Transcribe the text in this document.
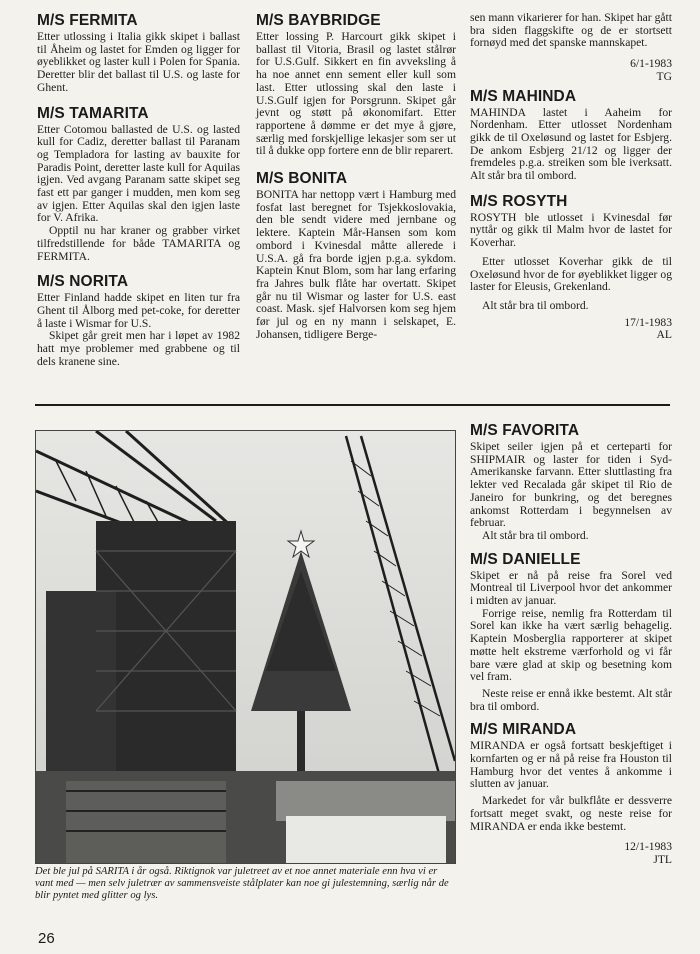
M/S FERMITA

Etter utlossing i Italia gikk skipet i ballast til Åheim og lastet for Emden og ligger for øyeblikket og laster kull i Polen for Spania. Deretter blir det ballast til U.S. og laste for Ghent.

M/S TAMARITA

Etter Cotomou ballasted de U.S. og lasted kull for Cadiz, deretter ballast til Paranam og Templadora for lasting av bauxite for Paradis Point, deretter laste kull for Aquilas igjen. Ved avgang Paranam satte skipet seg fast ett par ganger i mudden, men kom seg av igjen. Etter Aquilas skal den igjen laste for V. Afrika.

Opptil nu har kraner og grabber virket tilfredstillende for både TAMARITA og FERMITA.

M/S NORITA

Etter Finland hadde skipet en liten tur fra Ghent til Ålborg med pet-coke, for deretter å laste i Wismar for U.S.

Skipet går greit men har i løpet av 1982 hatt mye problemer med grabbene og til dels kranene sine.

M/S BAYBRIDGE

Etter lossing P. Harcourt gikk skipet i ballast til Vitoria, Brasil og lastet stålrør for U.S.Gulf. Sikkert en fin avveksling å ha noe annet enn sement eller kull som last. Etter utlossing skal den laste i U.S.Gulf igjen for Porsgrunn. Skipet går jevnt og støtt på økonomifart. Etter rapportene å dømme er det mye å gjøre, særlig med forskjellige lekasjer som ser ut til å dukke opp fortere enn de blir reparert.

M/S BONITA

BONITA har nettopp vært i Hamburg med fosfat last beregnet for Tsjekkoslovakia, den ble sendt videre med jernbane og lektere. Kaptein Mår-Hansen som kom ombord i Kvinesdal måtte allerede i U.S.A. gå fra borde igjen p.g.a. sykdom. Kaptein Knut Blom, som har lang erfaring fra Jahres bulk flåte har overtatt. Skipet går nu til Wismar og laster for U.S. east coast. Mask. sjef Halvorsen kom seg hjem før jul og en ny mann i selskapet, E. Johansen, tidligere Berge-

sen mann vikarierer for han. Skipet har gått bra siden flaggskifte og de er stortsett fornøyd med det spanske mannskapet.

6/1-1983

TG

M/S MAHINDA

MAHINDA lastet i Aaheim for Nordenham. Etter utlosset Nordenham gikk de til Oxeløsund og lastet for Esbjerg. De ankom Esbjerg 21/12 og ligger der fremdeles p.g.a. streiken som ble iverksatt. Alt står bra til ombord.

M/S ROSYTH

ROSYTH ble utlosset i Kvinesdal før nyttår og gikk til Malm hvor de lastet for Koverhar.

Etter utlosset Koverhar gikk de til Oxeløsund hvor de for øyeblikket ligger og laster for Eleusis, Grekenland.

Alt står bra til ombord.

17/1-1983

AL

Det ble jul på SARITA i år også. Riktignok var juletreet av et noe annet materiale enn hva vi er vant med — men selv juletrær av sammensveiste stålplater kan noe gi julestemning, særlig når de blir pyntet med glitter og lys.
M/S FAVORITA

Skipet seiler igjen på et certeparti for SHIPMAIR og laster for tiden i Syd-Amerikanske farvann. Etter sluttlasting fra lekter ved Recalada går skipet til Rio de Janeiro for bunkring, og det beregnes ankomst Rotterdam i begynnelsen av februar.

Alt står bra til ombord.

M/S DANIELLE

Skipet er nå på reise fra Sorel ved Montreal til Liverpool hvor det ankommer i midten av januar.

Forrige reise, nemlig fra Rotterdam til Sorel kan ikke ha vært særlig behagelig. Kaptein Mosberglia rapporterer at skipet møtte helt ekstreme værforhold og vi får bare være glad at skip og besetning kom vel fram.

Neste reise er ennå ikke bestemt. Alt står bra til ombord.

M/S MIRANDA

MIRANDA er også fortsatt beskjeftiget i kornfarten og er nå på reise fra Houston til Hamburg hvor det ventes å ankomme i slutten av januar.

Markedet for vår bulkflåte er dessverre fortsatt meget svakt, og neste reise for MIRANDA er enda ikke bestemt.

12/1-1983

JTL

26
